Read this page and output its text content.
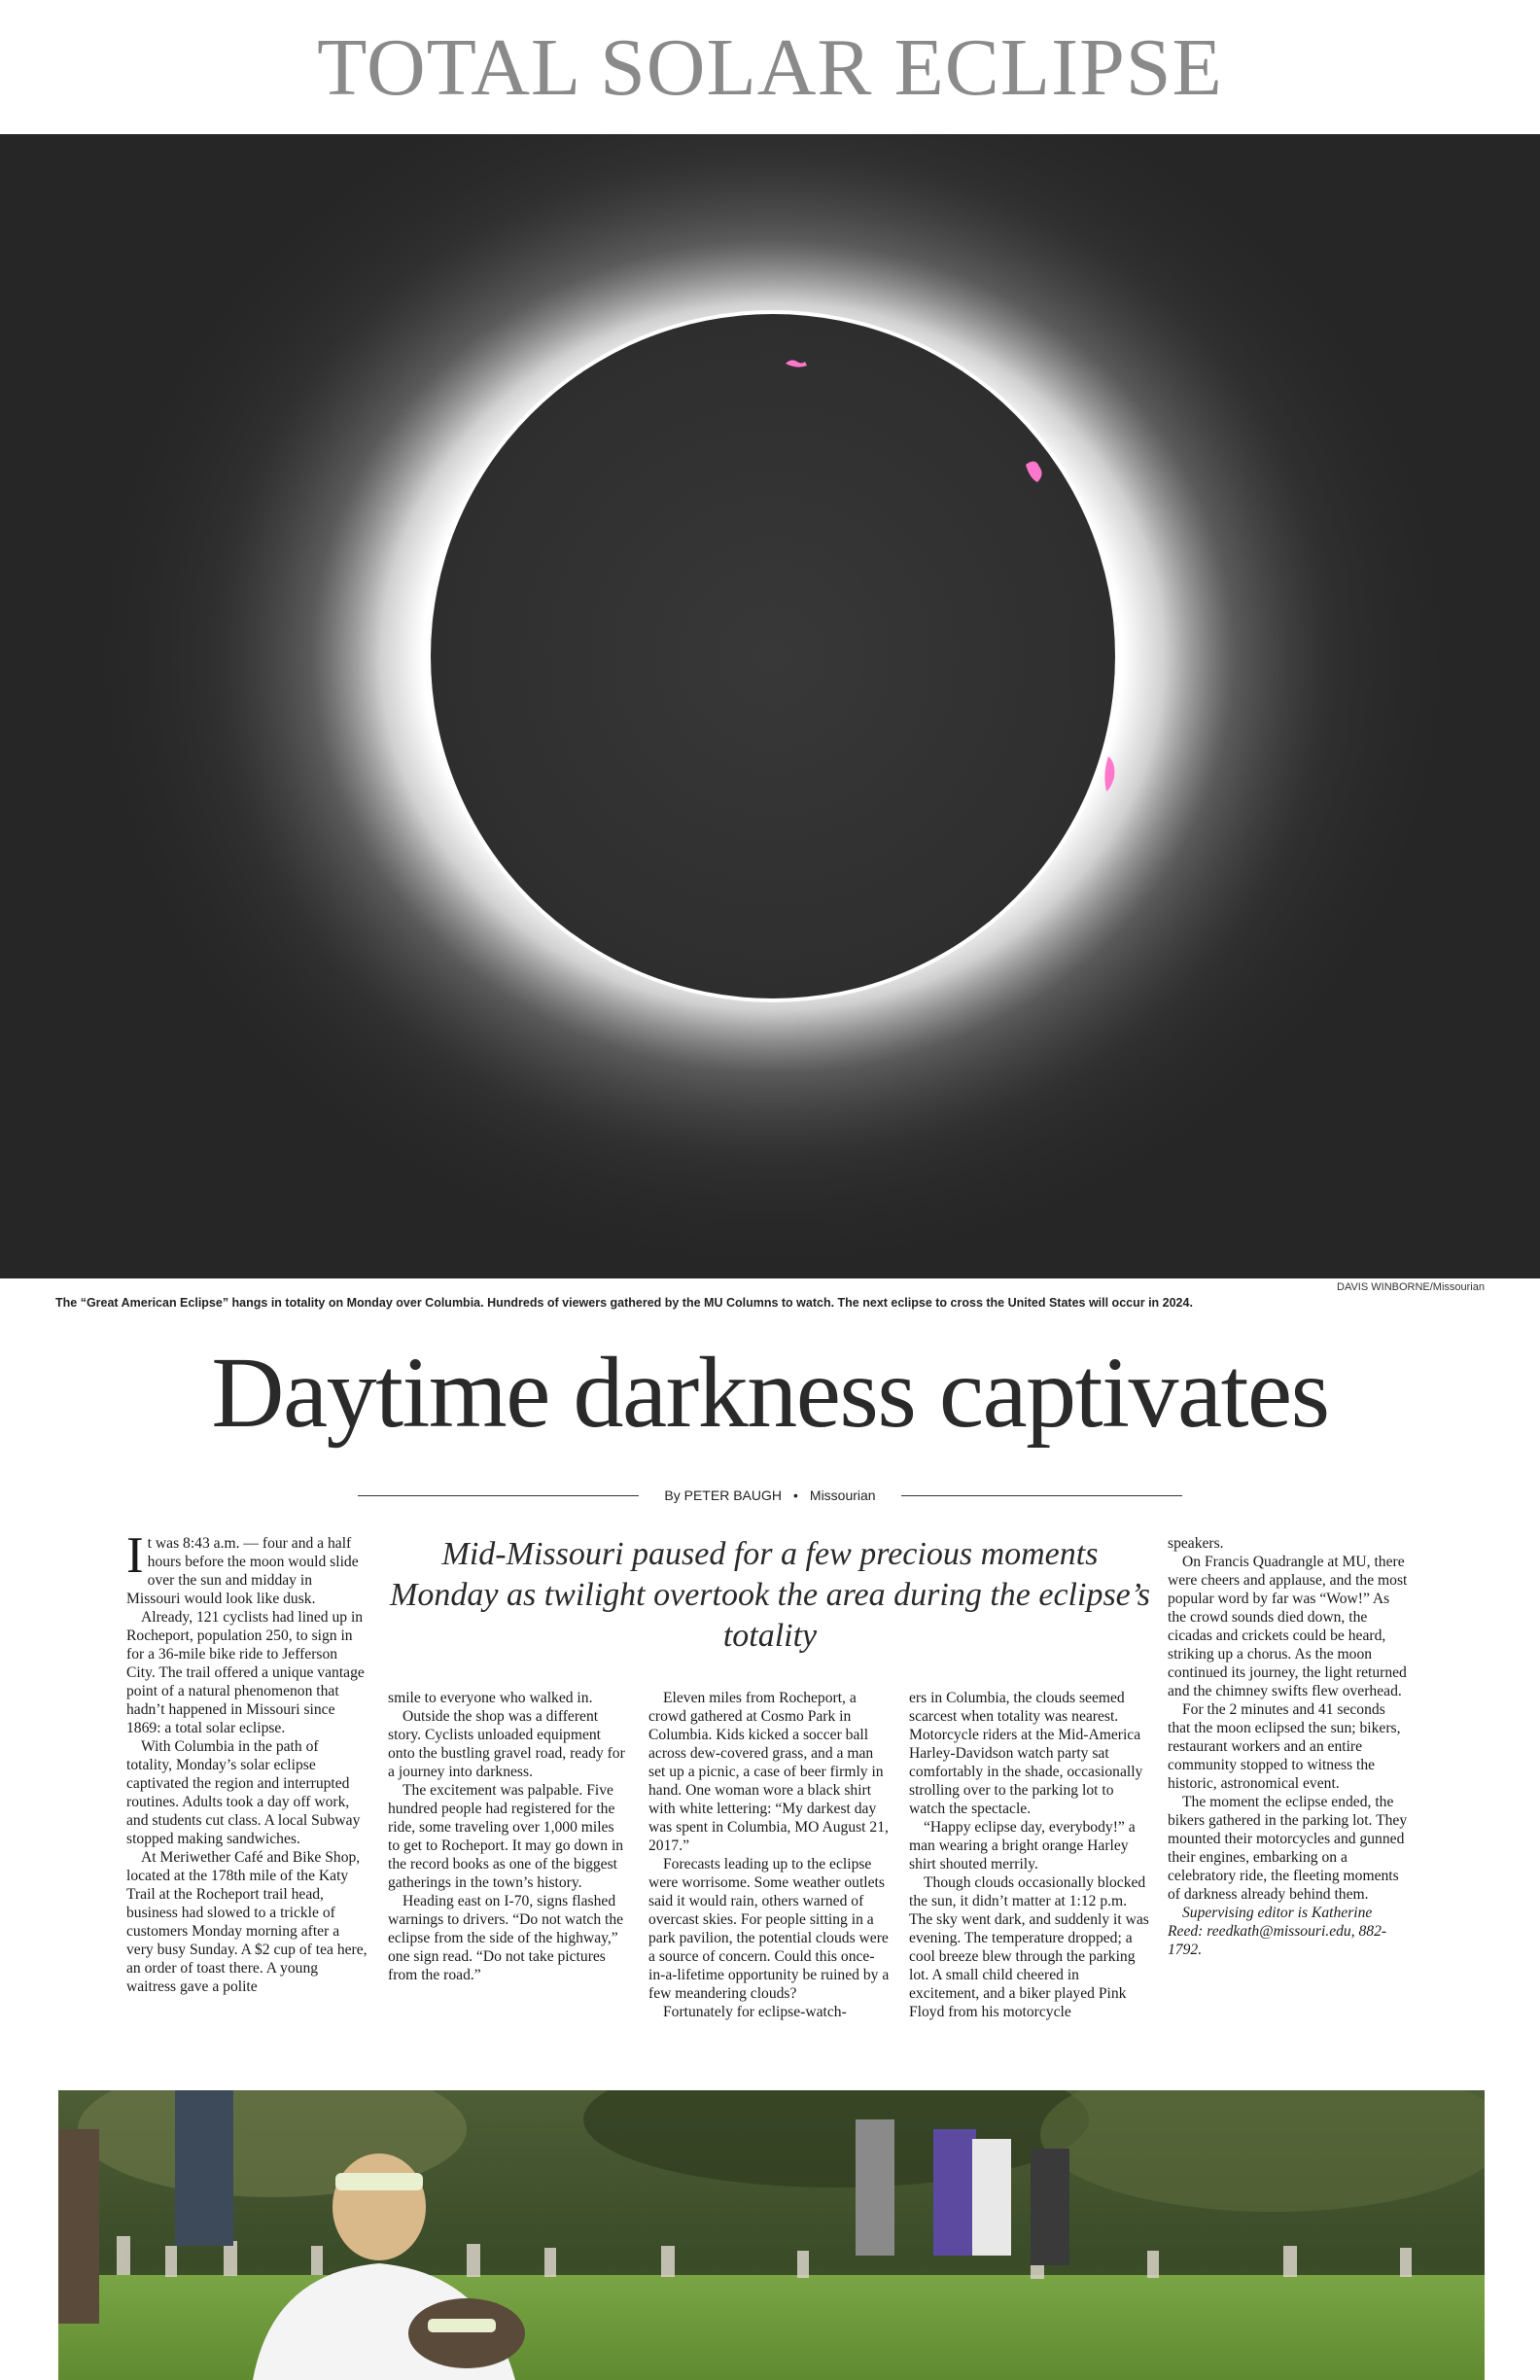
TOTAL SOLAR ECLIPSE
DAVIS WINBORNE/Missourian
The “Great American Eclipse” hangs in totality on Monday over Columbia. Hundreds of viewers gathered by the MU Columns to watch. The next eclipse to cross the United States will occur in 2024.
Daytime darkness captivates
By PETER BAUGH • Missourian
Mid-Missouri paused for a few precious moments Monday as twilight overtook the area during the eclipse’s totality

It was 8:43 a.m. — four and a half hours before the moon would slide over the sun and midday in Missouri would look like dusk.

Already, 121 cyclists had lined up in Rocheport, population 250, to sign in for a 36-mile bike ride to Jefferson City. The trail offered a unique vantage point of a natural phenomenon that hadn’t happened in Missouri since 1869: a total solar eclipse.

With Columbia in the path of totality, Monday’s solar eclipse captivated the region and interrupted routines. Adults took a day off work, and students cut class. A local Subway stopped making sandwiches.

At Meriwether Café and Bike Shop, located at the 178th mile of the Katy Trail at the Rocheport trail head, business had slowed to a trickle of customers Monday morning after a very busy Sunday. A $2 cup of tea here, an order of toast there. A young waitress gave a polite

smile to everyone who walked in.

Outside the shop was a different story. Cyclists unloaded equipment onto the bustling gravel road, ready for a journey into darkness.

The excitement was palpable. Five hundred people had registered for the ride, some traveling over 1,000 miles to get to Rocheport. It may go down in the record books as one of the biggest gatherings in the town’s history.

Heading east on I-70, signs flashed warnings to drivers. “Do not watch the eclipse from the side of the highway,” one sign read. “Do not take pictures from the road.”

Eleven miles from Rocheport, a crowd gathered at Cosmo Park in Columbia. Kids kicked a soccer ball across dew-covered grass, and a man set up a picnic, a case of beer firmly in hand. One woman wore a black shirt with white lettering: “My darkest day was spent in Columbia, MO August 21, 2017.”

Forecasts leading up to the eclipse were worrisome. Some weather outlets said it would rain, others warned of overcast skies. For people sitting in a park pavilion, the potential clouds were a source of concern. Could this once-in-a-lifetime opportunity be ruined by a few meandering clouds?

Fortunately for eclipse-watch-

ers in Columbia, the clouds seemed scarcest when totality was nearest. Motorcycle riders at the Mid-America Harley-Davidson watch party sat comfortably in the shade, occasionally strolling over to the parking lot to watch the spectacle.

“Happy eclipse day, everybody!” a man wearing a bright orange Harley shirt shouted merrily.

Though clouds occasionally blocked the sun, it didn’t matter at 1:12 p.m. The sky went dark, and suddenly it was evening. The temperature dropped; a cool breeze blew through the parking lot. A small child cheered in excitement, and a biker played Pink Floyd from his motorcycle

speakers.

On Francis Quadrangle at MU, there were cheers and applause, and the most popular word by far was “Wow!” As the crowd sounds died down, the cicadas and crickets could be heard, striking up a chorus. As the moon continued its journey, the light returned and the chimney swifts flew overhead.

For the 2 minutes and 41 seconds that the moon eclipsed the sun; bikers, restaurant workers and an entire community stopped to witness the historic, astronomical event.

The moment the eclipse ended, the bikers gathered in the parking lot. They mounted their motorcycles and gunned their engines, embarking on a celebratory ride, the fleeting moments of darkness already behind them.

Supervising editor is Katherine Reed: reedkath@missouri.edu, 882-1792.
